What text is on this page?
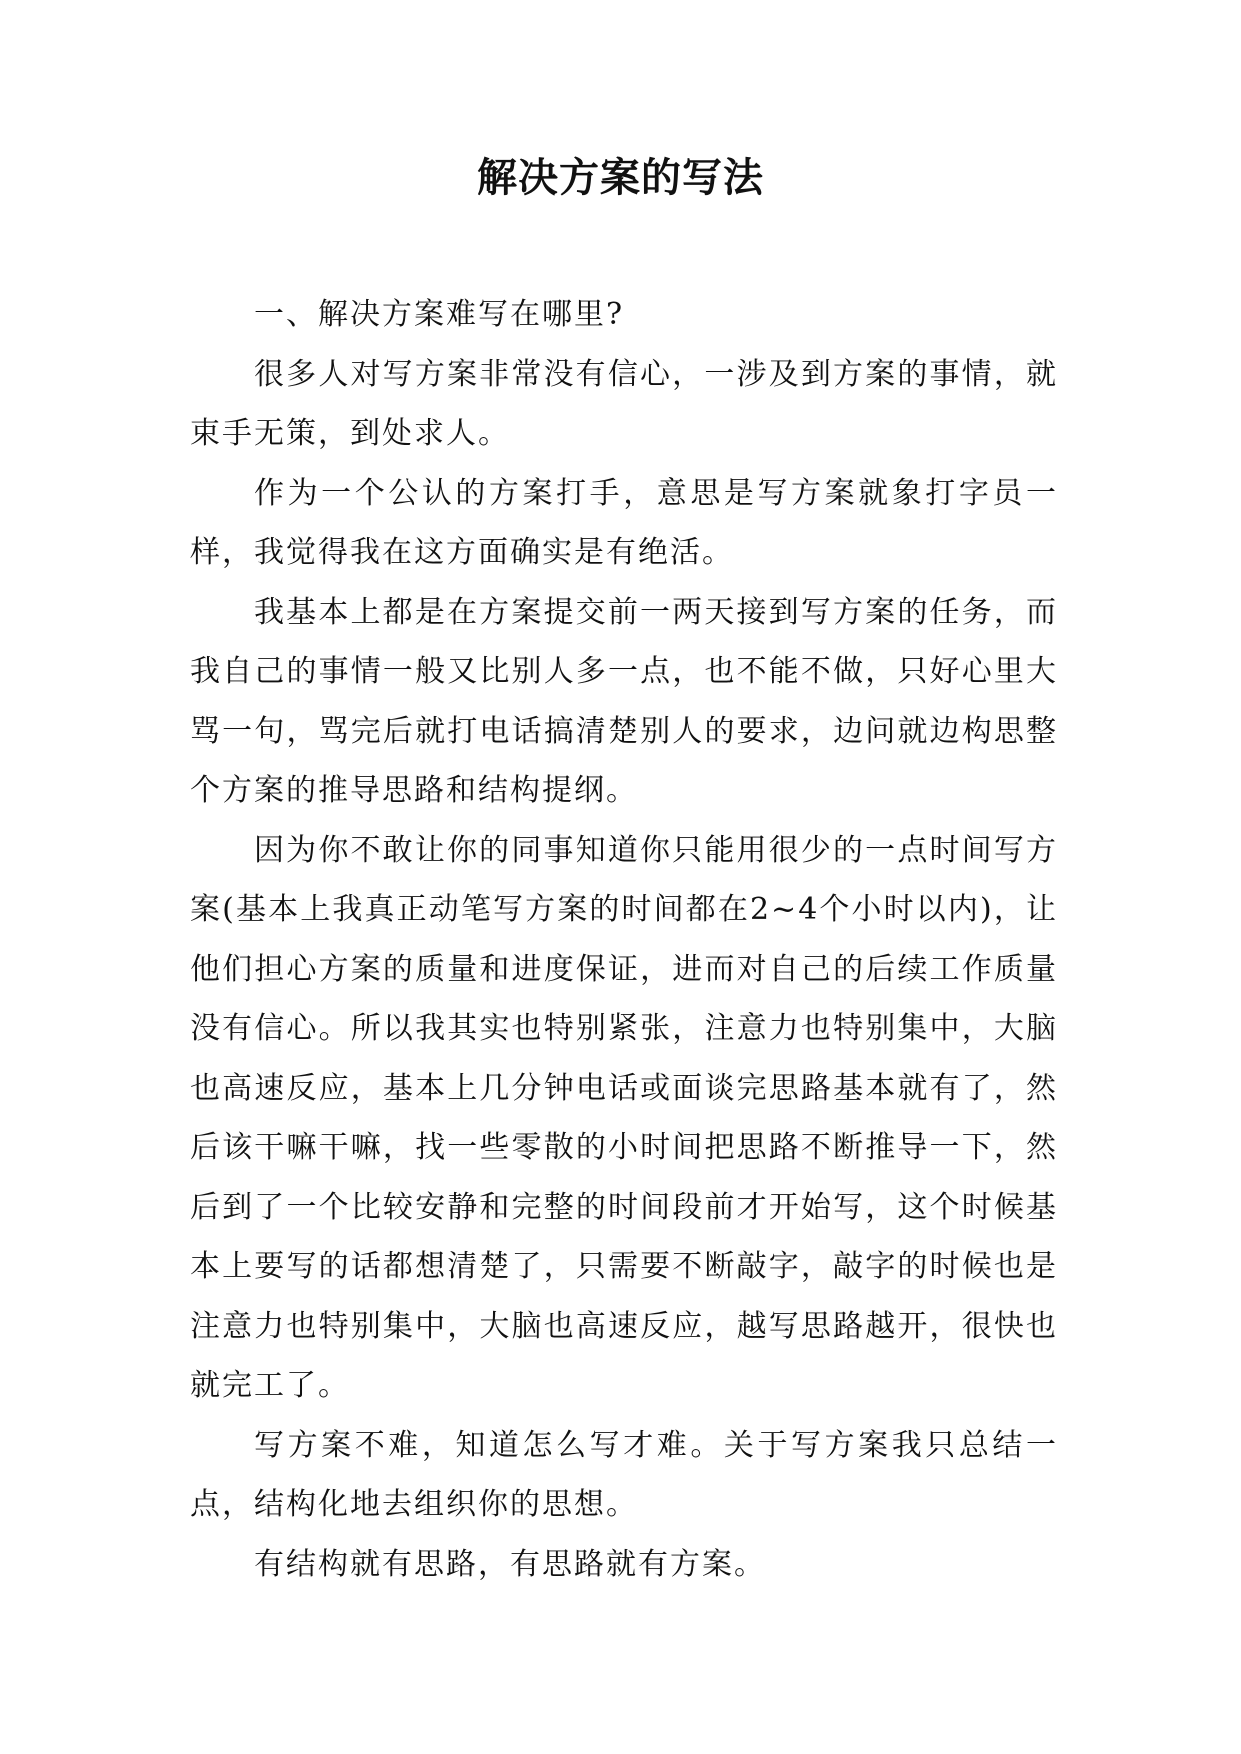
解决方案的写法

一、解决方案难写在哪里?

很多人对写方案非常没有信心，一涉及到方案的事情，就束手无策，到处求人。

作为一个公认的方案打手，意思是写方案就象打字员一样，我觉得我在这方面确实是有绝活。

我基本上都是在方案提交前一两天接到写方案的任务，而我自己的事情一般又比别人多一点，也不能不做，只好心里大骂一句，骂完后就打电话搞清楚别人的要求，边问就边构思整个方案的推导思路和结构提纲。

因为你不敢让你的同事知道你只能用很少的一点时间写方案(基本上我真正动笔写方案的时间都在2~4个小时以内)，让他们担心方案的质量和进度保证，进而对自己的后续工作质量没有信心。所以我其实也特别紧张，注意力也特别集中，大脑也高速反应，基本上几分钟电话或面谈完思路基本就有了，然后该干嘛干嘛，找一些零散的小时间把思路不断推导一下，然后到了一个比较安静和完整的时间段前才开始写，这个时候基本上要写的话都想清楚了，只需要不断敲字，敲字的时候也是注意力也特别集中，大脑也高速反应，越写思路越开，很快也就完工了。

写方案不难，知道怎么写才难。关于写方案我只总结一点，结构化地去组织你的思想。

有结构就有思路，有思路就有方案。
